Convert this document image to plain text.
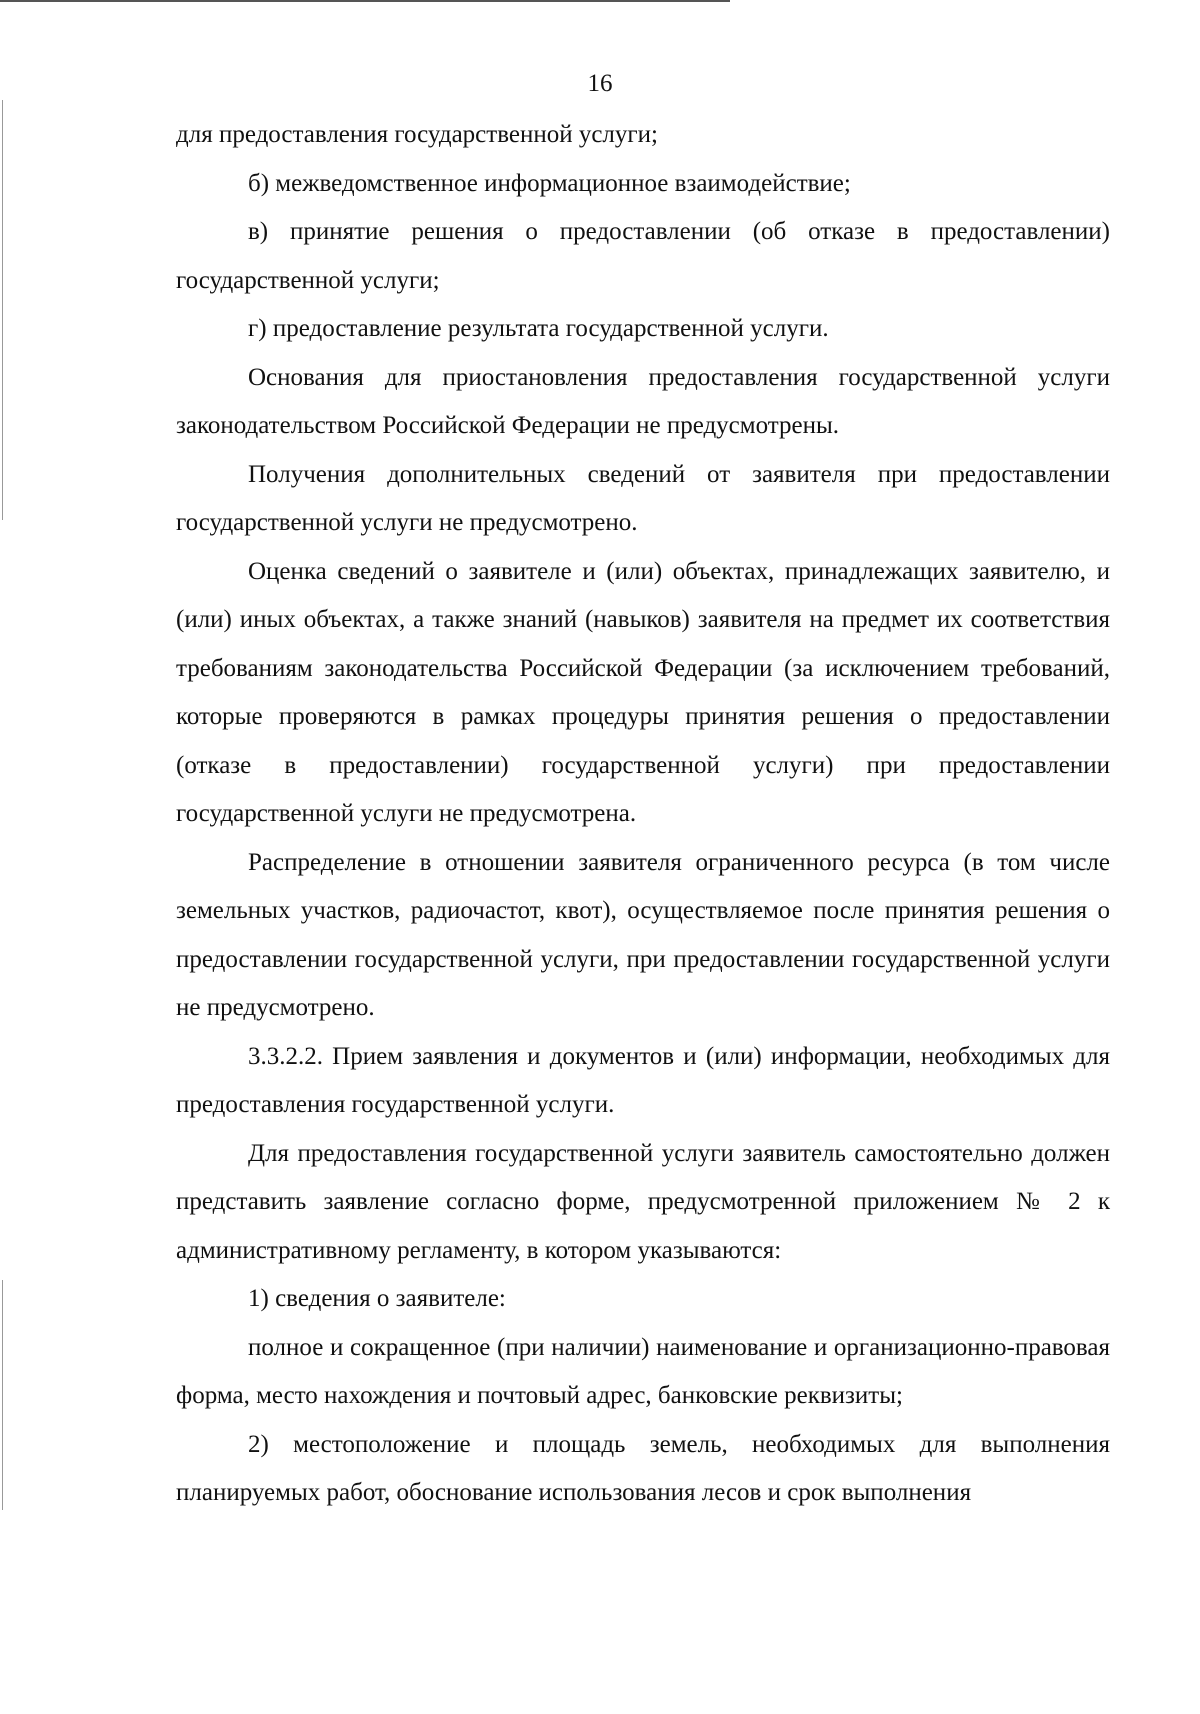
16

для предоставления государственной услуги;

б) межведомственное информационное взаимодействие;

в) принятие решения о предоставлении (об отказе в предоставлении) государственной услуги;

г) предоставление результата государственной услуги.

Основания для приостановления предоставления государственной услуги законодательством Российской Федерации не предусмотрены.

Получения дополнительных сведений от заявителя при предоставлении государственной услуги не предусмотрено.

Оценка сведений о заявителе и (или) объектах, принадлежащих заявителю, и (или) иных объектах, а также знаний (навыков) заявителя на предмет их соответствия требованиям законодательства Российской Федерации (за исключением требований, которые проверяются в рамках процедуры принятия решения о предоставлении (отказе в предоставлении) государственной услуги) при предоставлении государственной услуги не предусмотрена.

Распределение в отношении заявителя ограниченного ресурса (в том числе земельных участков, радиочастот, квот), осуществляемое после принятия решения о предоставлении государственной услуги, при предоставлении государственной услуги не предусмотрено.

3.3.2.2. Прием заявления и документов и (или) информации, необходимых для предоставления государственной услуги.

Для предоставления государственной услуги заявитель самостоятельно должен представить заявление согласно форме, предусмотренной приложением № 2 к административному регламенту, в котором указываются:

1) сведения о заявителе:

полное и сокращенное (при наличии) наименование и организационно-правовая форма, место нахождения и почтовый адрес, банковские реквизиты;

2) местоположение и площадь земель, необходимых для выполнения планируемых работ, обоснование использования лесов и срок выполнения
